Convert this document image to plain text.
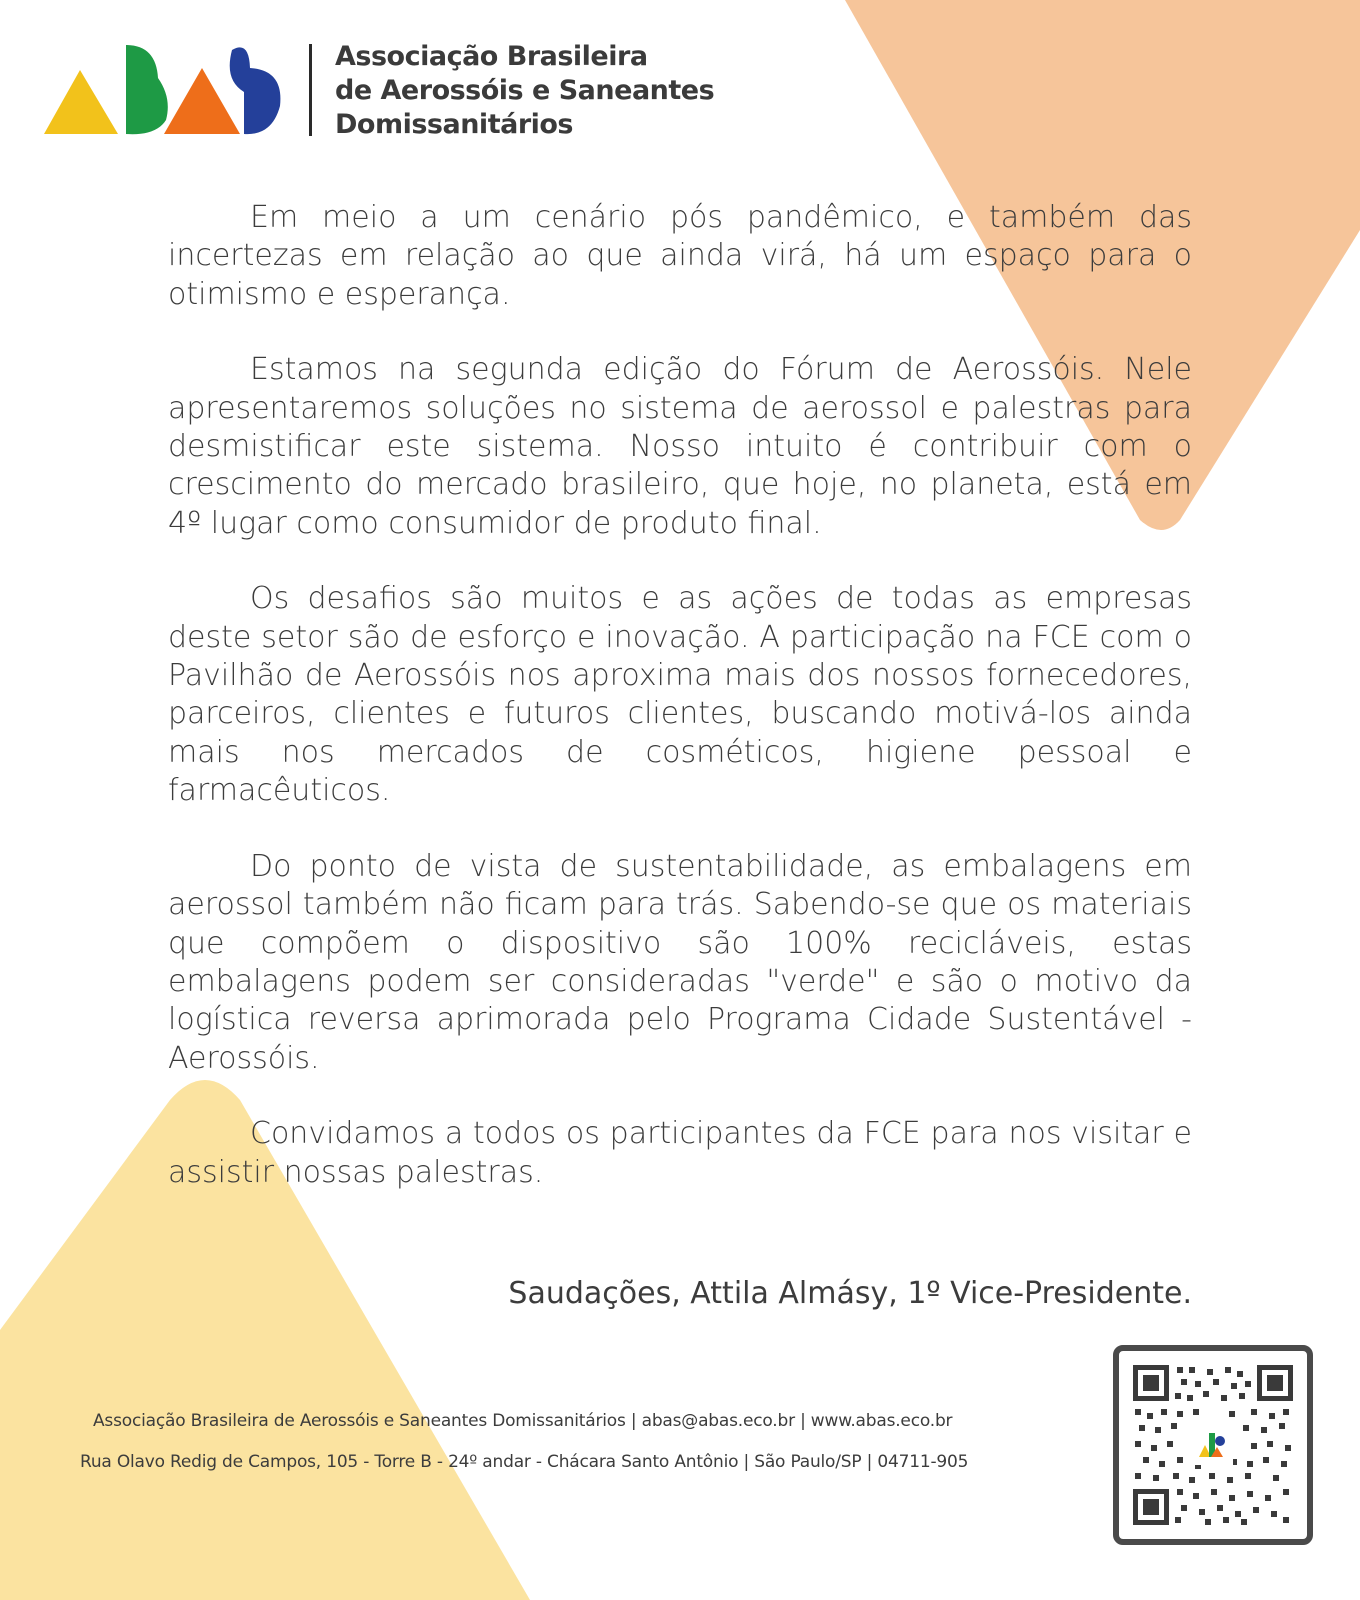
Associação Brasileira
de Aerossóis e Saneantes
Domissanitários

Em meio a um cenário pós pandêmico, e também das incertezas em relação ao que ainda virá, há um espaço para o otimismo e esperança.

Estamos na segunda edição do Fórum de Aerossóis. Nele apresentaremos soluções no sistema de aerossol e palestras para desmistificar este sistema. Nosso intuito é contribuir com o crescimento do mercado brasileiro, que hoje, no planeta, está em 4º lugar como consumidor de produto final.

Os desafios são muitos e as ações de todas as empresas deste setor são de esforço e inovação. A participação na FCE com o Pavilhão de Aerossóis nos aproxima mais dos nossos fornecedores, parceiros, clientes e futuros clientes, buscando motivá-los ainda mais nos mercados de cosméticos, higiene pessoal e farmacêuticos.

Do ponto de vista de sustentabilidade, as embalagens em aerossol também não ficam para trás. Sabendo-se que os materiais que compõem o dispositivo são 100% recicláveis, estas embalagens podem ser consideradas "verde" e são o motivo da logística reversa aprimorada pelo Programa Cidade Sustentável - Aerossóis.

Convidamos a todos os participantes da FCE para nos visitar e assistir nossas palestras.

Saudações, Attila Almásy, 1º Vice-Presidente.
Associação Brasileira de Aerossóis e Saneantes Domissanitários | abas@abas.eco.br | www.abas.eco.br
Rua Olavo Redig de Campos, 105 - Torre B - 24º andar - Chácara Santo Antônio | São Paulo/SP | 04711-905
